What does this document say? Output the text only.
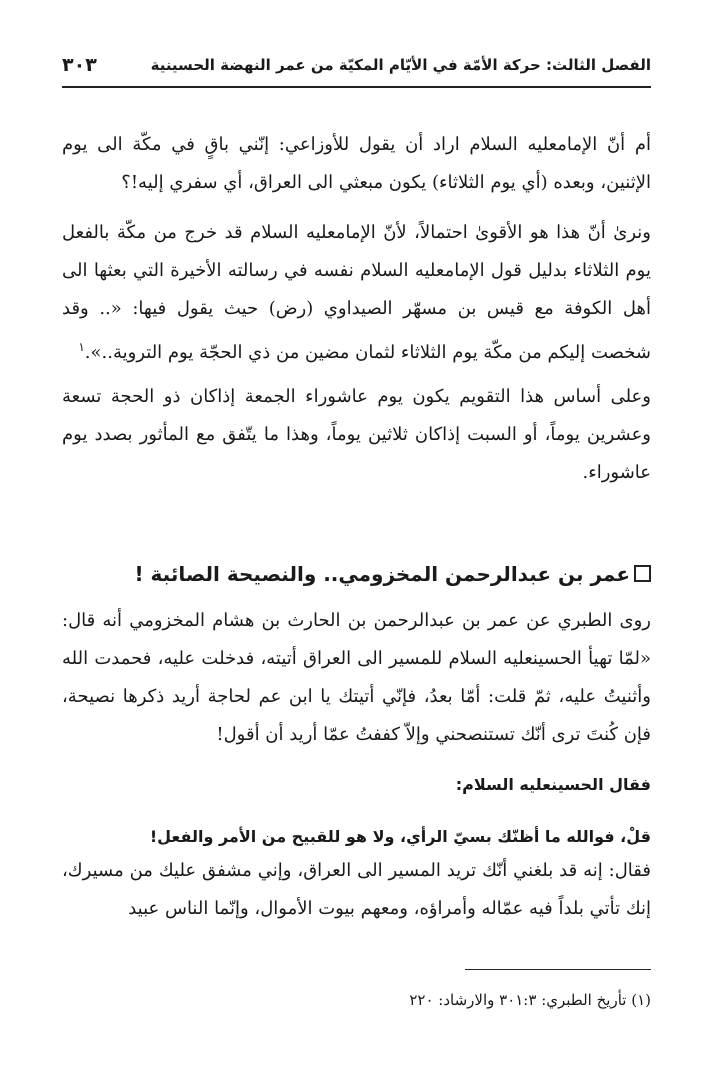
الفصل الثالث: حركة الأمّة في الأيّام المكيّة من عمر النهضة الحسينية
٣٠٣
أم أنّ الإمامعليه السلام اراد أن يقول للأوزاعي: إنّني باقٍ في مكّة الى يوم الإثنين، وبعده (أي يوم الثلاثاء) يكون مبعثي الى العراق، أي سفري إليه!؟
ونرىٰ أنّ هذا هو الأقوىٰ احتمالاً، لأنّ الإمامعليه السلام قد خرج من مكّة بالفعل يوم الثلاثاء بدليل قول الإمامعليه السلام نفسه في رسالته الأخيرة التي بعثها الى أهل الكوفة مع قيس بن مسهّر الصيداوي (رض) حيث يقول فيها: «.. وقد شخصت إليكم من مكّة يوم الثلاثاء لثمان مضين من ذي الحجّة يوم التروية..».$^١$
وعلى أساس هذا التقويم يكون يوم عاشوراء الجمعة إذاكان ذو الحجة تسعة وعشرين يوماً، أو السبت إذاكان ثلاثين يوماً، وهذا ما يتّفق مع المأثور بصدد يوم عاشوراء.
عمر بن عبدالرحمن المخزومي.. والنصيحة الصائبة !
روى الطبري عن عمر بن عبدالرحمن بن الحارث بن هشام المخزومي أنه قال: «لمّا تهيأ الحسينعليه السلام للمسير الى العراق أتيته، فدخلت عليه، فحمدت الله وأثنيتُ عليه، ثمّ قلت: أمّا بعدُ، فإنّي أتيتك يا ابن عم لحاجة أريد ذكرها نصيحة، فإن كُنتَ ترى أنّك تستنصحني وإلاّ كففتُ عمّا أريد أن أقول!
فقال الحسينعليه السلام:
قلْ، فوالله ما أظنّك بسيّ الرأي، ولا هو للقبيح من الأمر والفعل!
فقال: إنه قد بلغني أنّك تريد المسير الى العراق، وإني مشفق عليك من مسيرك، إنك تأتي بلداً فيه عمّاله وأمراؤه، ومعهم بيوت الأموال، وإنّما الناس عبيد
(١) تأريخ الطبري: ٣٠١:٣ والارشاد: ٢٢٠
